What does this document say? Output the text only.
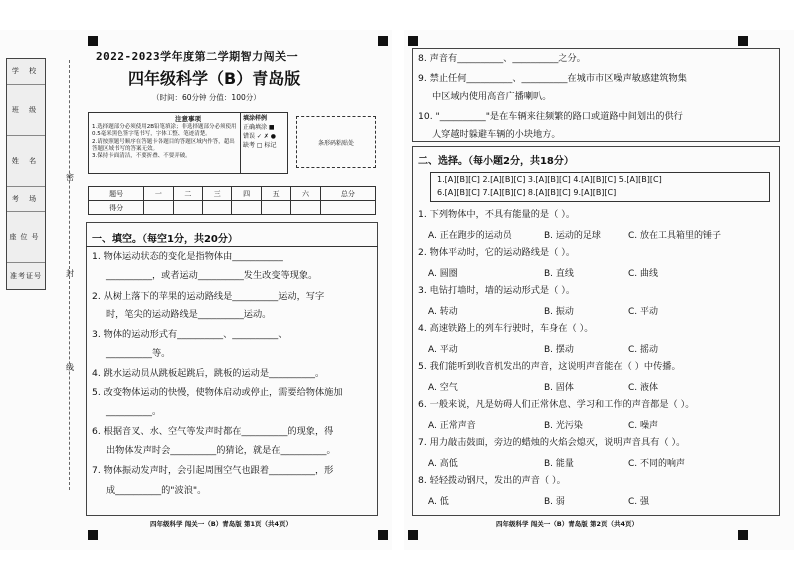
学 校
班 级
姓 名
考 场
座位号
准考证号
密
封
线
2022-2023学年度第二学期智力闯关一
四年级科学（B）青岛版
（时间：60分钟 分值：100分）
注意事项
1.选择题部分必须使用2B铅笔填涂；非选择题部分必须使用0.5毫米黑色签字笔书写，字体工整、笔迹清楚。
2.请按照题号顺序在答题卡各题目的答题区域内作答，超出答题区域书写的答案无效。
3.保持卡面清洁，不要折叠、不要弄破。
填涂样例
正确填涂 ■
错误 ✓ ✗ ●
缺考 □ 标记	条形码粘贴处
题号	一	二	三	四	五	六	总分
得分							
一、填空。（每空1分，共20分）
1. 物体运动状态的变化是指物体由___________
__________，或者运动__________发生改变等现象。
2. 从树上落下的苹果的运动路线是__________运动，写字
时，笔尖的运动路线是__________运动。
3. 物体的运动形式有__________、__________、
__________等。
4. 跳水运动员从跳板起跳后，跳板的运动是__________。
5. 改变物体运动的快慢，使物体启动或停止，需要给物体施加
__________。
6. 根据音叉、水、空气等发声时都在__________的现象，得
出物体发声时会__________的猜论，就是在__________。
7. 物体振动发声时，会引起周围空气也跟着__________，形
成__________的"波浪"。
四年级科学 闯关一（B）青岛版 第1页（共4页）
8. 声音有__________、__________之分。
9. 禁止任何__________、__________在城市市区噪声敏感建筑物集
中区域内使用高音广播喇叭。
10. "__________"是在车辆来往频繁的路口或道路中间划出的供行
人穿越时躲避车辆的小块地方。
二、选择。（每小题2分，共18分）
1.[A][B][C] 2.[A][B][C] 3.[A][B][C] 4.[A][B][C] 5.[A][B][C]
6.[A][B][C] 7.[A][B][C] 8.[A][B][C] 9.[A][B][C]
1. 下列物体中，不具有能量的是（ ）。
A. 正在跑步的运动员	B. 运动的足球	C. 放在工具箱里的锤子
2. 物体平动时，它的运动路线是（ ）。
A. 圆圈	B. 直线	C. 曲线
3. 电钻打墙时，墙的运动形式是（ ）。
A. 转动	B. 振动	C. 平动
4. 高速铁路上的列车行驶时，车身在（ ）。
A. 平动	B. 摆动	C. 摇动
5. 我们能听到收音机发出的声音，这说明声音能在（ ）中传播。
A. 空气	B. 固体	C. 液体
6. 一般来说，凡是妨碍人们正常休息、学习和工作的声音都是（ ）。
A. 正常声音	B. 光污染	C. 噪声
7. 用力敲击鼓面，旁边的蜡烛的火焰会熄灭，说明声音具有（ ）。
A. 高低	B. 能量	C. 不同的响声
8. 轻轻拨动钢尺，发出的声音（ ）。
A. 低	B. 弱	C. 强
四年级科学 闯关一（B）青岛版 第2页（共4页）
